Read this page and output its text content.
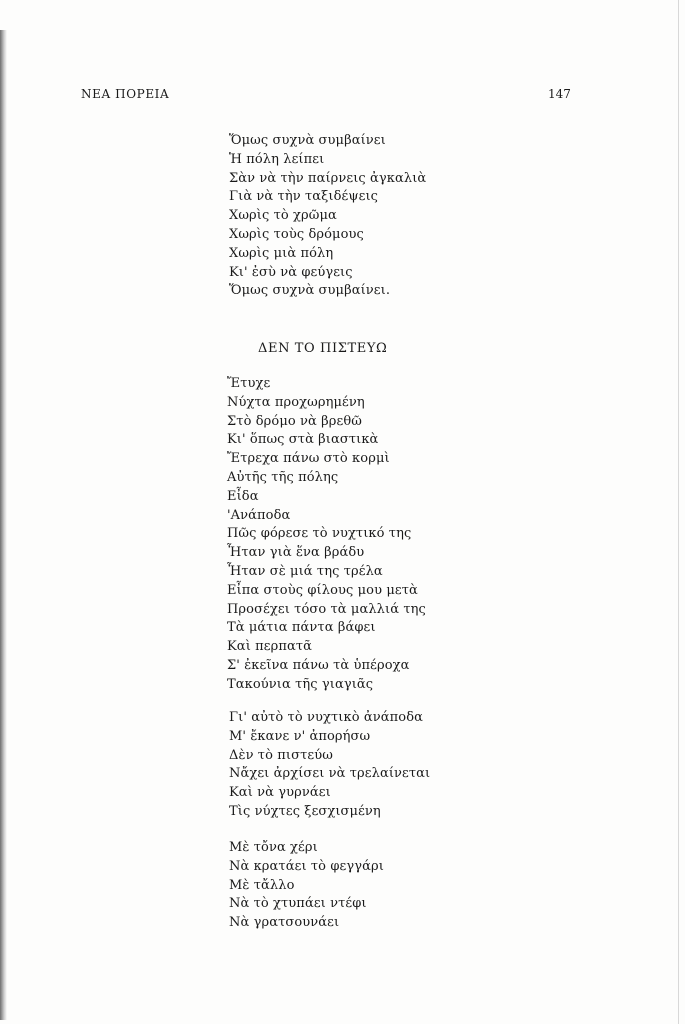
ΝΕΑ ΠΟΡΕΙΑ	147
Ὅμως συχνὰ συμβαίνει
Ἡ πόλη λείπει
Σὰν νὰ τὴν παίρνεις ἀγκαλιὰ
Γιὰ νὰ τὴν ταξιδέψεις
Χωρὶς τὸ χρῶμα
Χωρὶς τοὺς δρόμους
Χωρὶς μιὰ πόλη
Κι' ἐσὺ νὰ φεύγεις
Ὅμως συχνὰ συμβαίνει.
ΔΕΝ ΤΟ ΠΙΣΤΕΥΩ
Ἔτυχε
Νύχτα προχωρημένη
Στὸ δρόμο νὰ βρεθῶ
Κι' ὅπως στὰ βιαστικὰ
Ἔτρεχα πάνω στὸ κορμὶ
Αὐτῆς τῆς πόλης
Εἶδα
'Ανάποδα
Πῶς φόρεσε τὸ νυχτικό της
Ἦταν γιὰ ἕνα βράδυ
Ἦταν σὲ μιά της τρέλα
Εἶπα στοὺς φίλους μου μετὰ
Προσέχει τόσο τὰ μαλλιά της
Τὰ μάτια πάντα βάφει
Καὶ περπατᾶ
Σ' ἐκεῖνα πάνω τὰ ὑπέροχα
Τακούνια τῆς γιαγιᾶς
Γι' αὐτὸ τὸ νυχτικὸ ἀνάποδα
Μ' ἔκανε ν' ἀπορήσω
Δὲν τὸ πιστεύω
Νἄχει ἀρχίσει νὰ τρελαίνεται
Καὶ νὰ γυρνάει
Τὶς νύχτες ξεσχισμένη
Μὲ τὄνα χέρι
Νὰ κρατάει τὸ φεγγάρι
Μὲ τἄλλο
Νὰ τὸ χτυπάει ντέφι
Νὰ γρατσουνάει
